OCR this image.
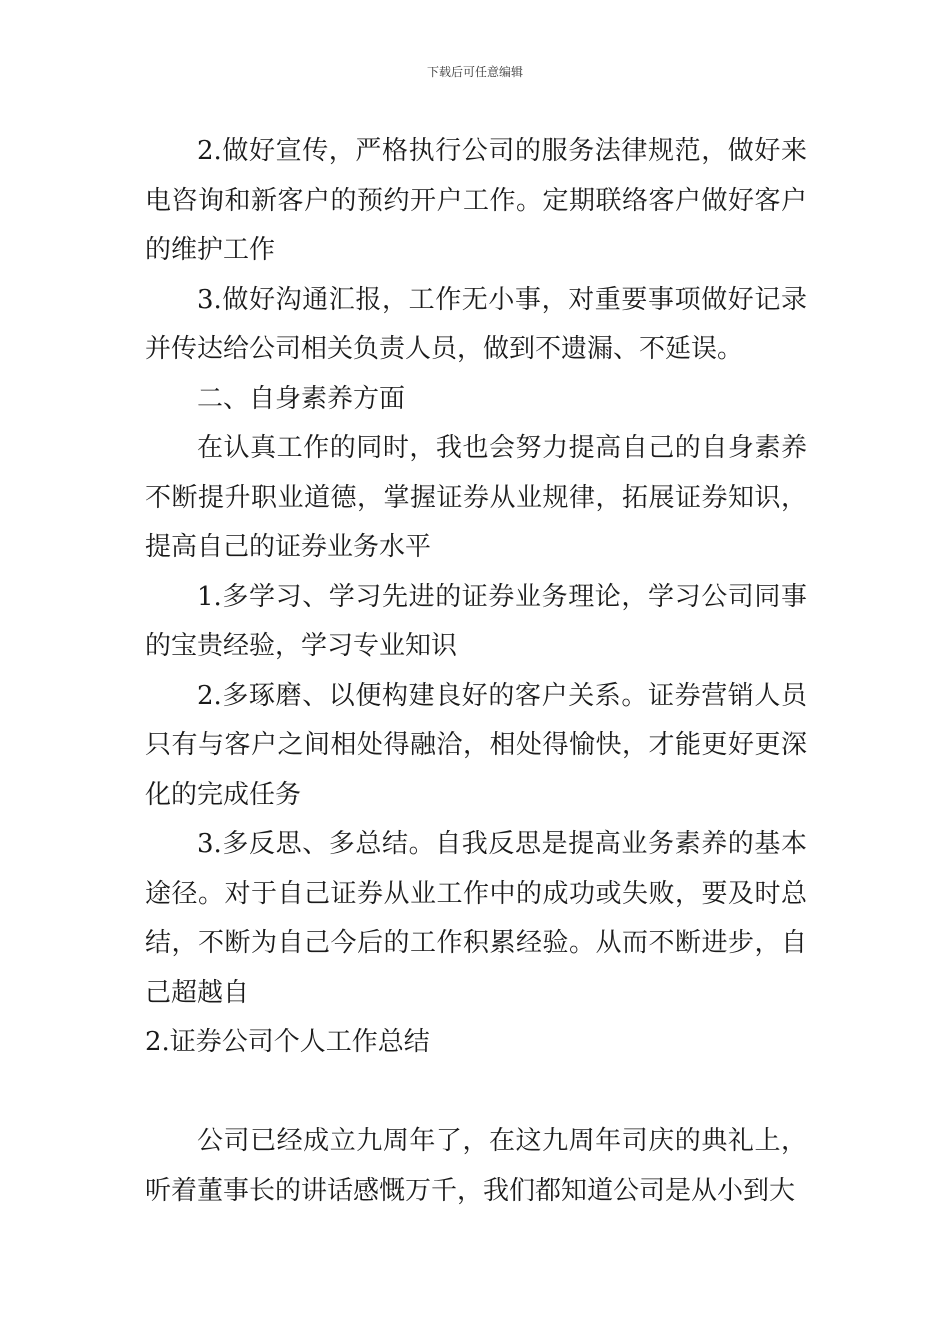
下载后可任意编辑

2.做好宣传，严格执行公司的服务法律规范，做好来电咨询和新客户的预约开户工作。定期联络客户做好客户的维护工作

3.做好沟通汇报，工作无小事，对重要事项做好记录并传达给公司相关负责人员，做到不遗漏、不延误。

二、自身素养方面

在认真工作的同时，我也会努力提高自己的自身素养不断提升职业道德，掌握证券从业规律，拓展证券知识，提高自己的证券业务水平

1.多学习、学习先进的证券业务理论，学习公司同事的宝贵经验，学习专业知识

2.多琢磨、以便构建良好的客户关系。证券营销人员只有与客户之间相处得融洽，相处得愉快，才能更好更深化的完成任务

3.多反思、多总结。自我反思是提高业务素养的基本途径。对于自己证券从业工作中的成功或失败，要及时总结，不断为自己今后的工作积累经验。从而不断进步，自己超越自

2.证券公司个人工作总结

公司已经成立九周年了，在这九周年司庆的典礼上，听着董事长的讲话感慨万千，我们都知道公司是从小到大
